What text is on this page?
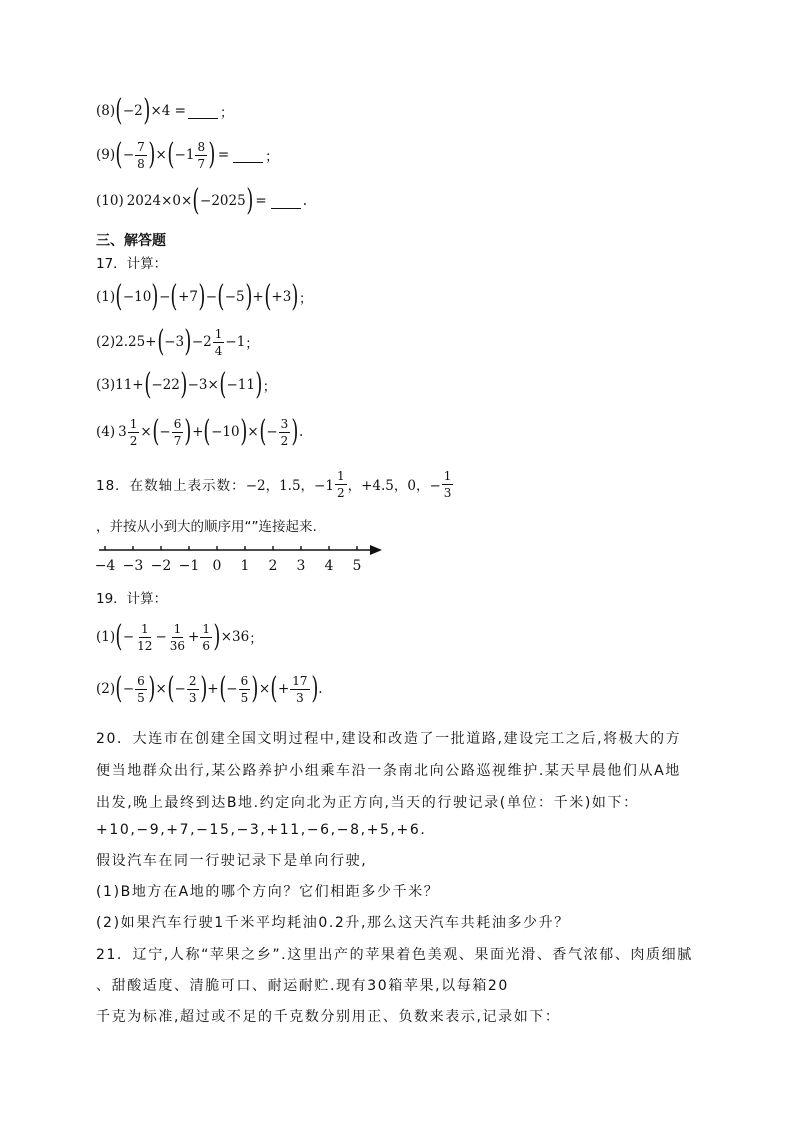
(8) ( −2 ) ×4 =	；
(9) ( − $\frac{7}{8}$ ) × ( − $1 \frac{8}{7}$ ) =	；
(10) 2024×0× ( −2025 ) =	.
三、解答题
17．计算：
(1) ( −10 ) − ( +7 ) − ( −5 ) + ( +3 ) ；
(2) 2.25+ ( −3 ) $-2 \frac{1}{4} -1$ ；
(3) 11+ ( −22 ) −3× ( −11 ) ；
(4) $3 \frac{1}{2}$ × ( − $\frac{6}{7}$ ) + ( −10 ) × ( − $\frac{3}{2}$ ) .
18．在数轴上表示数： −2，1.5，$-1 \frac{1}{2}$ ，+4.5，0，− $\frac{1}{3}$
，并按从小到大的顺序用“”连接起来.
−4 −3 −2 −1 0 1 2 3 4 5
19．计算：
(1) ( − $\frac{1}{12} - \frac{1}{36} + \frac{1}{6}$ ) ×36 ；
(2) ( − $\frac{6}{5}$ ) × ( − $\frac{2}{3}$ ) + ( − $\frac{6}{5}$ ) × ( + $\frac{17}{3}$ ) .
20．大连市在创建全国文明过程中,建设和改造了一批道路,建设完工之后,将极大的方
便当地群众出行,某公路养护小组乘车沿一条南北向公路巡视维护.某天早晨他们从A地
出发,晚上最终到达B地.约定向北为正方向,当天的行驶记录(单位：千米)如下：
+10,−9,+7,−15,−3,+11,−6,−8,+5,+6.
假设汽车在同一行驶记录下是单向行驶,
(1)B地方在A地的哪个方向？它们相距多少千米？
(2)如果汽车行驶1千米平均耗油0.2升,那么这天汽车共耗油多少升？
21．辽宁,人称“苹果之乡”.这里出产的苹果着色美观、果面光滑、香气浓郁、肉质细腻
、甜酸适度、清脆可口、耐运耐贮.现有30箱苹果,以每箱20
千克为标准,超过或不足的千克数分别用正、负数来表示,记录如下：
